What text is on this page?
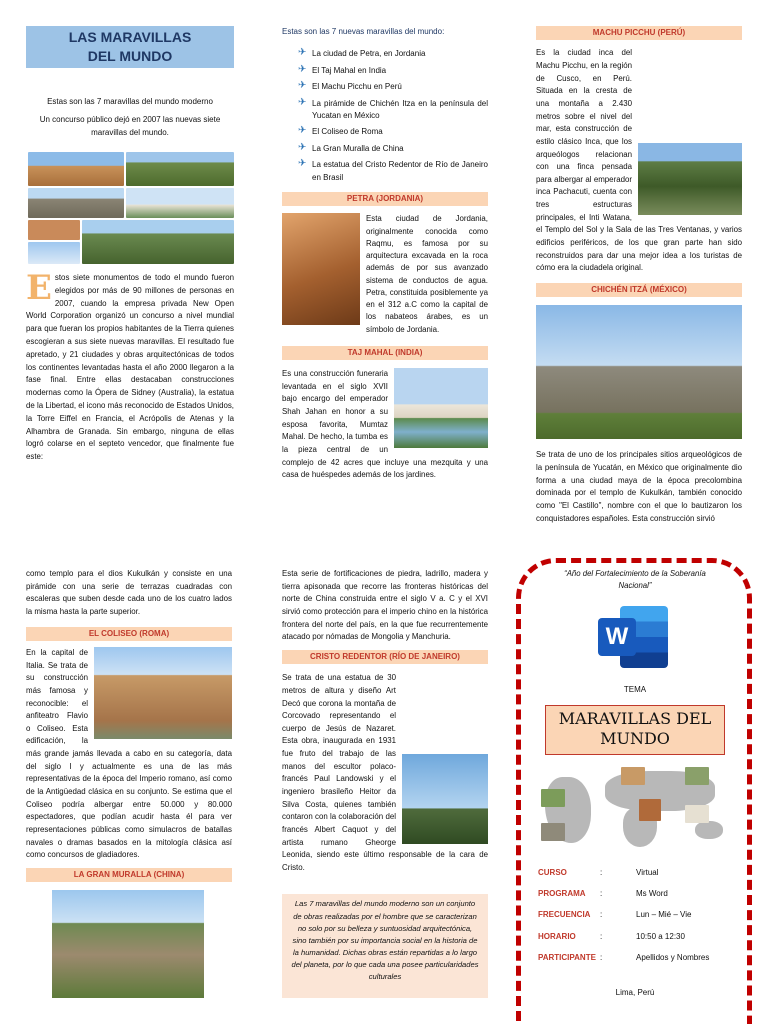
LAS MARAVILLAS DEL MUNDO
Estas son las 7 maravillas del mundo moderno
Un concurso público dejó en 2007 las nuevas siete maravillas del mundo.
E stos siete monumentos de todo el mundo fueron elegidos por más de 90 millones de personas en 2007, cuando la empresa privada New Open World Corporation organizó un concurso a nivel mundial para que fueran los propios habitantes de la Tierra quienes escogieran a sus siete nuevas maravillas. El resultado fue apretado, y 21 ciudades y obras arquitectónicas de todos los continentes levantadas hasta el año 2000 llegaron a la fase final. Entre ellas destacaban construcciones modernas como la Ópera de Sidney (Australia), la estatua de la Libertad, el icono más reconocido de Estados Unidos, la Torre Eiffel en Francia, el Acrópolis de Atenas y la Alhambra de Granada. Sin embargo, ninguna de ellas logró colarse en el septeto vencedor, que finalmente fue este:
Estas son las 7 nuevas maravillas del mundo:
✈ La ciudad de Petra, en Jordania
✈ El Taj Mahal en India
✈ El Machu Picchu en Perú
✈ La pirámide de Chichén Itza en la península del Yucatan en México
✈ El Coliseo de Roma
✈ La Gran Muralla de China
✈ La estatua del Cristo Redentor de Río de Janeiro en Brasil
PETRA (JORDANIA)
Esta ciudad de Jordania, originalmente conocida como Raqmu, es famosa por su arquitectura excavada en la roca además de por sus avanzado sistema de conductos de agua. Petra, constituida posiblemente ya en el 312 a.C como la capital de los nabateos árabes, es un símbolo de Jordania.
TAJ MAHAL (INDIA)
Es una construcción funeraria levantada en el siglo XVII bajo encargo del emperador Shah Jahan en honor a su esposa favorita, Mumtaz Mahal. De hecho, la tumba es la pieza central de un complejo de 42 acres que incluye una mezquita y una casa de huéspedes además de los jardines.
MACHU PICCHU (PERÚ)
Es la ciudad inca del Machu Picchu, en la región de Cusco, en Perú. Situada en la cresta de una montaña a 2.430 metros sobre el nivel del mar, esta construcción de estilo clásico Inca, que los arqueólogos relacionan con una finca pensada para albergar al emperador inca Pachacuti, cuenta con tres estructuras principales, el Inti Watana, el Templo del Sol y la Sala de las Tres Ventanas, y varios edificios periféricos, de los que gran parte han sido reconstruidos para dar una mejor idea a los turistas de cómo era la ciudadela original.
CHICHÉN ITZÁ (MÉXICO)
Se trata de uno de los principales sitios arqueológicos de la península de Yucatán, en México que originalmente dio forma a una ciudad maya de la época precolombina dominada por el templo de Kukulkán, también conocido como "El Castillo", nombre con el que lo bautizaron los conquistadores españoles. Esta construcción sirvió
como templo para el dios Kukulkán y consiste en una pirámide con una serie de terrazas cuadradas con escaleras que suben desde cada uno de los cuatro lados la misma hasta la parte superior.
EL COLISEO (ROMA)
En la capital de Italia. Se trata de su construcción más famosa y reconocible: el anfiteatro Flavio o Coliseo. Esta edificación, la más grande jamás llevada a cabo en su categoría, data del siglo I y actualmente es una de las más representativas de la época del Imperio romano, así como de la Antigüedad clásica en su conjunto. Se estima que el Coliseo podría albergar entre 50.000 y 80.000 espectadores, que podían acudir hasta él para ver representaciones públicas como simulacros de batallas navales o dramas basados en la mitología clásica así como concursos de gladiadores.
LA GRAN MURALLA (CHINA)
Esta serie de fortificaciones de piedra, ladrillo, madera y tierra apisonada que recorre las fronteras históricas del norte de China construida entre el siglo V a. C y el XVI sirvió como protección para el imperio chino en la histórica frontera del norte del país, en la que fue recurrentemente atacado por nómadas de Mongolia y Manchuria.
CRISTO REDENTOR (RÍO DE JANEIRO)
Se trata de una estatua de 30 metros de altura y diseño Art Decó que corona la montaña de Corcovado representando el cuerpo de Jesús de Nazaret. Esta obra, inaugurada en 1931 fue fruto del trabajo de las manos del escultor polaco-francés Paul Landowski y el ingeniero brasileño Heitor da Silva Costa, quienes también contaron con la colaboración del francés Albert Caquot y del artista rumano Gheorge Leonida, siendo este último responsable de la cara de Cristo.
Las 7 maravillas del mundo moderno son un conjunto de obras realizadas por el hombre que se caracterizan no solo por su belleza y suntuosidad arquitectónica, sino también por su importancia social en la historia de la humanidad. Dichas obras están repartidas a lo largo del planeta, por lo que cada una posee particularidades culturales
“Año del Fortalecimiento de la Soberanía Nacional”
W
TEMA
MARAVILLAS DEL MUNDO
CURSO	:	Virtual
PROGRAMA	:	Ms Word
FRECUENCIA	:	Lun – Mié – Vie
HORARIO	:	10:50 a 12:30
PARTICIPANTE :	Apellidos y Nombres
Lima, Perú
